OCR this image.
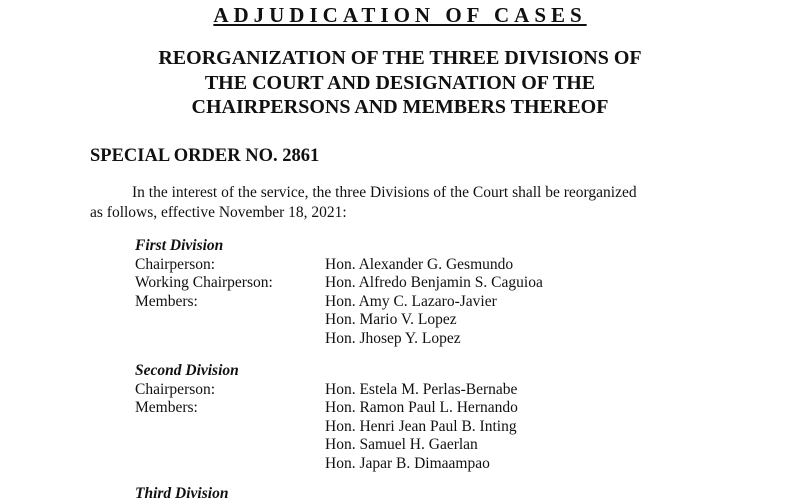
ADJUDICATION OF CASES
REORGANIZATION OF THE THREE DIVISIONS OF
THE COURT AND DESIGNATION OF THE
CHAIRPERSONS AND MEMBERS THEREOF
SPECIAL ORDER NO. 2861
In the interest of the service, the three Divisions of the Court shall be reorganized
as follows, effective November 18, 2021:
First Division
Chairperson:	Hon. Alexander G. Gesmundo
Working Chairperson:	Hon. Alfredo Benjamin S. Caguioa
Members:	Hon. Amy C. Lazaro-Javier
Hon. Mario V. Lopez
Hon. Jhosep Y. Lopez
Second Division
Chairperson:	Hon. Estela M. Perlas-Bernabe
Members:	Hon. Ramon Paul L. Hernando
Hon. Henri Jean Paul B. Inting
Hon. Samuel H. Gaerlan
Hon. Japar B. Dimaampao
Third Division
